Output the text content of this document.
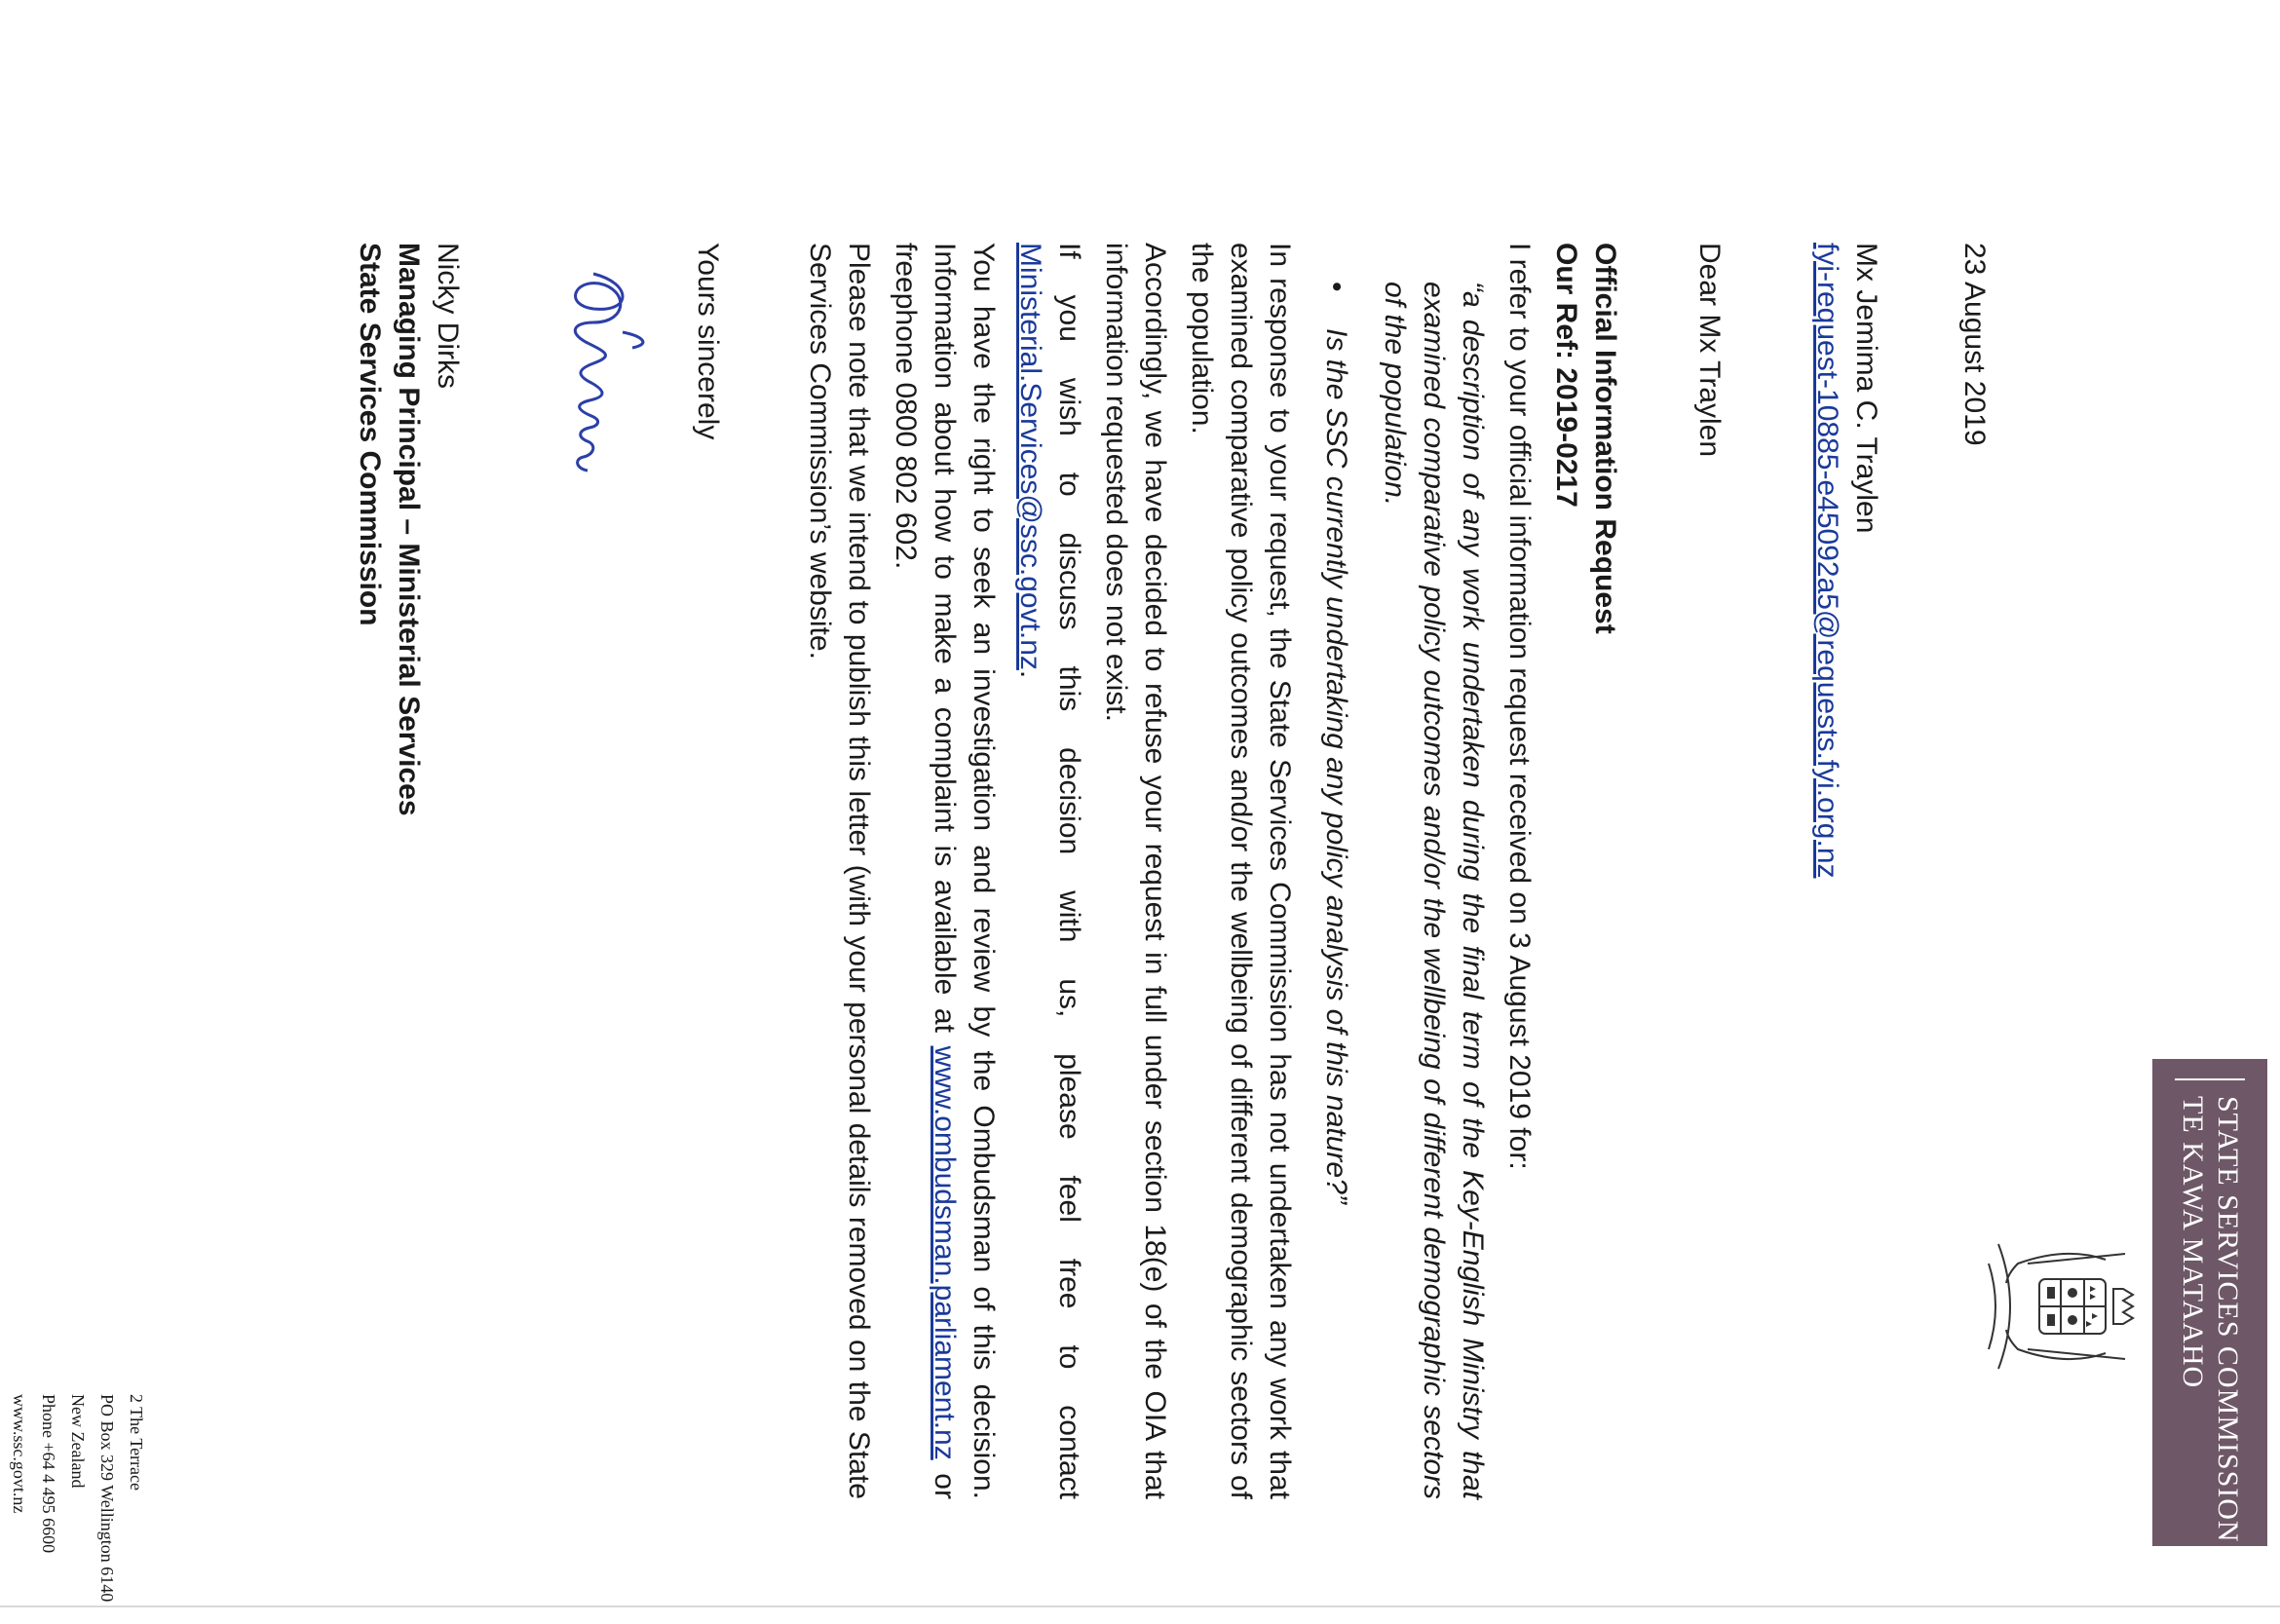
STATE SERVICES COMMISSION
TE KAWA MATAAHO
23 August 2019
Mx Jemima C. Traylen
fyi-request-10885-e45092a5@requests.fyi.org.nz
Dear Mx Traylen
Official Information Request
Our Ref: 2019-0217

I refer to your official information request received on 3 August 2019 for:

“a description of any work undertaken during the final term of the Key-English Ministry that examined comparative policy outcomes and/or the wellbeing of different demographic sectors of the population.
•
Is the SSC currently undertaking any policy analysis of this nature?”

In response to your request, the State Services Commission has not undertaken any work that examined comparative policy outcomes and/or the wellbeing of different demographic sectors of the population.

Accordingly, we have decided to refuse your request in full under section 18(e) of the OIA that information requested does not exist.

If you wish to discuss this decision with us, please feel free to contact Ministerial.Services@ssc.govt.nz.

You have the right to seek an investigation and review by the Ombudsman of this decision. Information about how to make a complaint is available at www.ombudsman.parliament.nz or freephone 0800 802 602.

Please note that we intend to publish this letter (with your personal details removed on the State Services Commission’s website.

Yours sincerely
Nicky Dirks
Managing Principal – Ministerial Services
State Services Commission
2 The Terrace
PO Box 329 Wellington 6140
New Zealand
Phone +64 4 495 6600
www.ssc.govt.nz
